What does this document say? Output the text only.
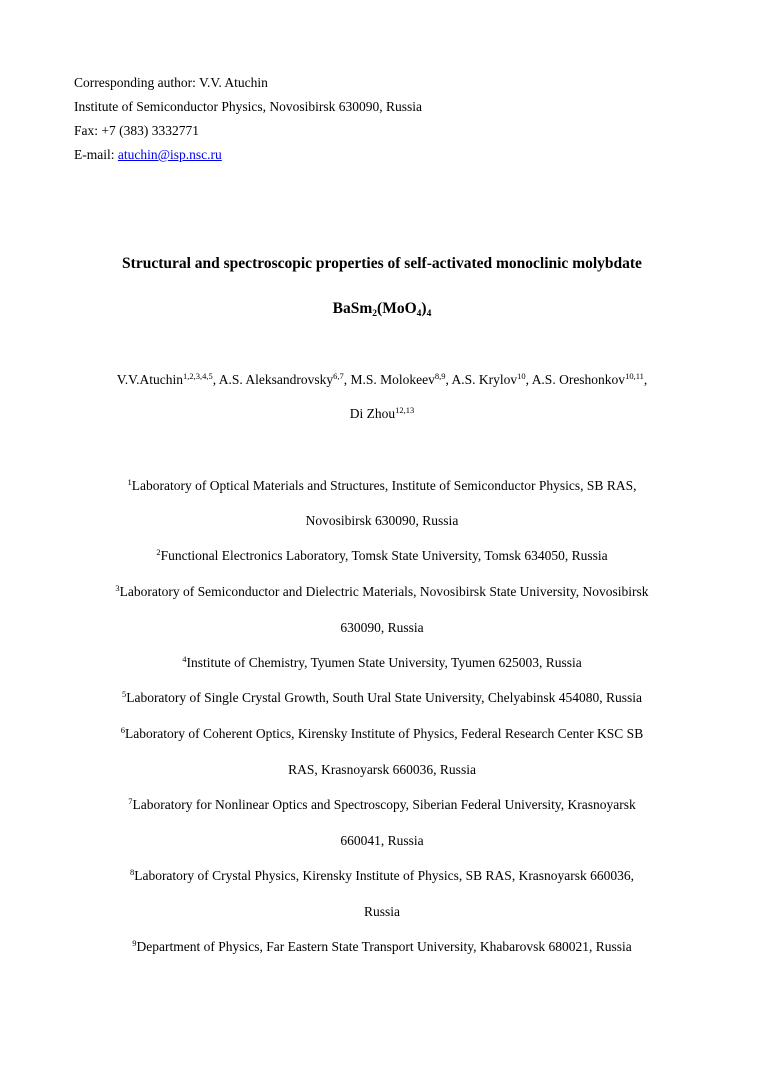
Corresponding author: V.V. Atuchin
Institute of Semiconductor Physics, Novosibirsk 630090, Russia
Fax: +7 (383) 3332771
E-mail: atuchin@isp.nsc.ru
Structural and spectroscopic properties of self-activated monoclinic molybdate
$BaSm_2(MoO_4)_4$
V.V.Atuchin$^{1,2,3,4,5}$, A.S. Aleksandrovsky$^{6,7}$, M.S. Molokeev$^{8,9}$, A.S. Krylov$^{10}$, A.S. Oreshonkov$^{10,11}$,
Di Zhou$^{12,13}$
$^1$Laboratory of Optical Materials and Structures, Institute of Semiconductor Physics, SB RAS,
Novosibirsk 630090, Russia
$^2$Functional Electronics Laboratory, Tomsk State University, Tomsk 634050, Russia
$^3$Laboratory of Semiconductor and Dielectric Materials, Novosibirsk State University, Novosibirsk
630090, Russia
$^4$Institute of Chemistry, Tyumen State University, Tyumen 625003, Russia
$^5$Laboratory of Single Crystal Growth, South Ural State University, Chelyabinsk 454080, Russia
$^6$Laboratory of Coherent Optics, Kirensky Institute of Physics, Federal Research Center KSC SB
RAS, Krasnoyarsk 660036, Russia
$^7$Laboratory for Nonlinear Optics and Spectroscopy, Siberian Federal University, Krasnoyarsk
660041, Russia
$^8$Laboratory of Crystal Physics, Kirensky Institute of Physics, SB RAS, Krasnoyarsk 660036,
Russia
$^9$Department of Physics, Far Eastern State Transport University, Khabarovsk 680021, Russia
